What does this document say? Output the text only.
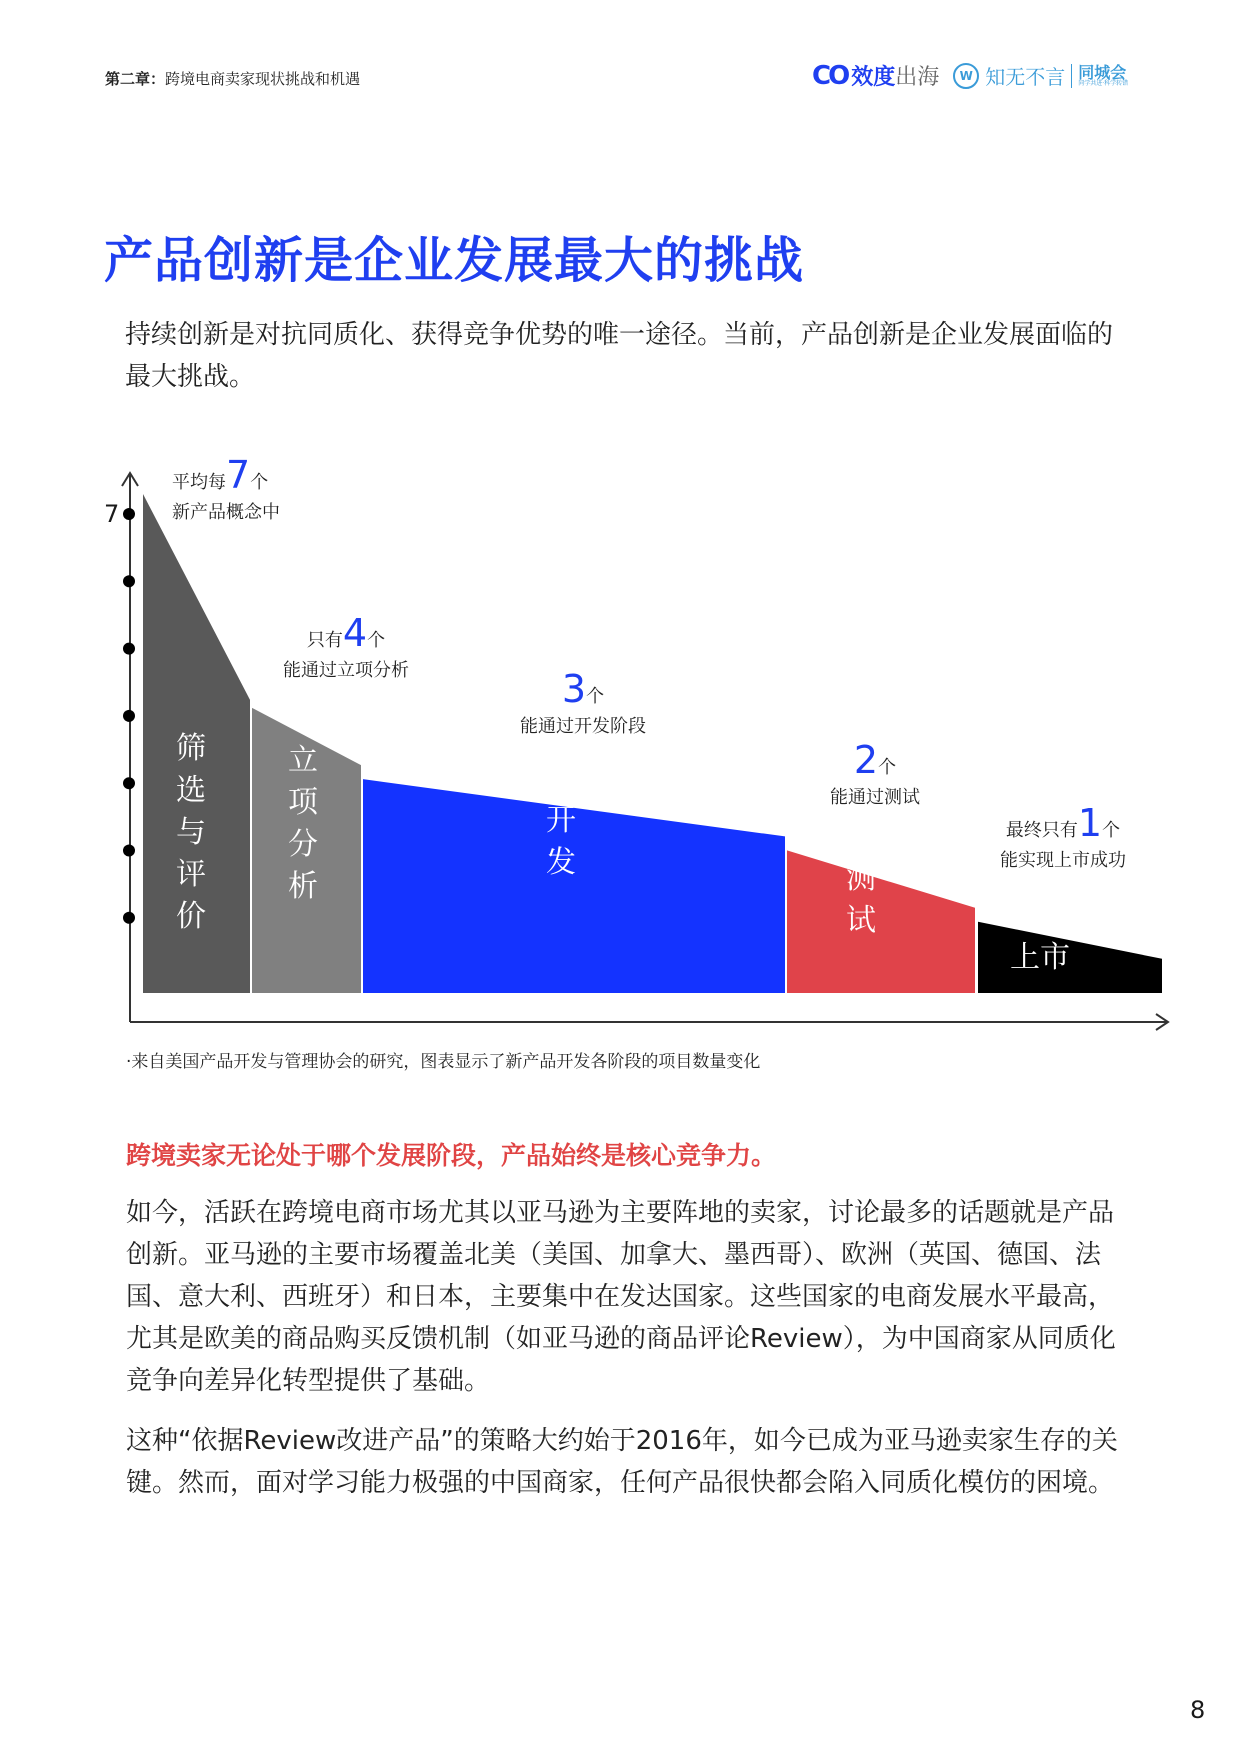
第二章：跨境电商卖家现状挑战和机遇	CO 效度 出海	W 知无不言 同城会
同学共进·科学转错
产品创新是企业发展最大的挑战
持续创新是对抗同质化、获得竞争优势的唯一途径。当前，产品创新是企业发展面临的最大挑战。
7
平均每7个
新产品概念中
筛选与评价
只有4个
能通过立项分析
立项分析
3个
能通过开发阶段
开发
2个
能通过测试
测试
最终只有1个
能实现上市成功
上市
·来自美国产品开发与管理协会的研究，图表显示了新产品开发各阶段的项目数量变化
跨境卖家无论处于哪个发展阶段，产品始终是核心竞争力。
如今，活跃在跨境电商市场尤其以亚马逊为主要阵地的卖家，讨论最多的话题就是产品创新。亚马逊的主要市场覆盖北美（美国、加拿大、墨西哥）、欧洲（英国、德国、法国、意大利、西班牙）和日本，主要集中在发达国家。这些国家的电商发展水平最高，尤其是欧美的商品购买反馈机制（如亚马逊的商品评论Review），为中国商家从同质化竞争向差异化转型提供了基础。
这种“依据Review改进产品”的策略大约始于2016年，如今已成为亚马逊卖家生存的关键。然而，面对学习能力极强的中国商家，任何产品很快都会陷入同质化模仿的困境。
8
